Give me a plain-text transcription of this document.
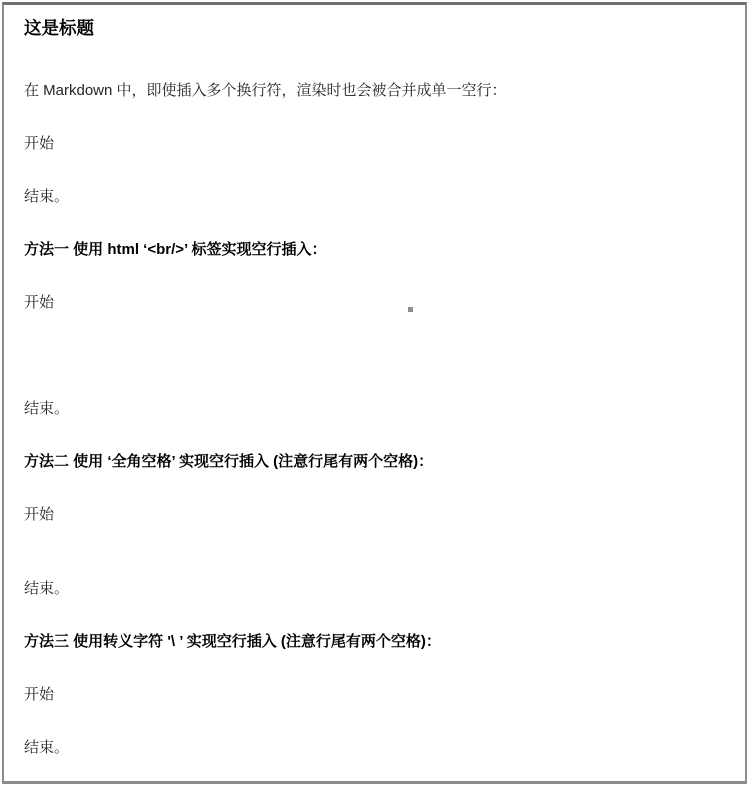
这是标题

在 Markdown 中，即使插入多个换行符，渲染时也会被合并成单一空行：

开始

结束。

方法一 使用 html ‘<br/>’ 标签实现空行插入：

开始

结束。

方法二 使用 ‘全角空格’ 实现空行插入 (注意行尾有两个空格)：

开始

结束。

方法三 使用转义字符 '\ ’ 实现空行插入 (注意行尾有两个空格)：

开始

结束。
